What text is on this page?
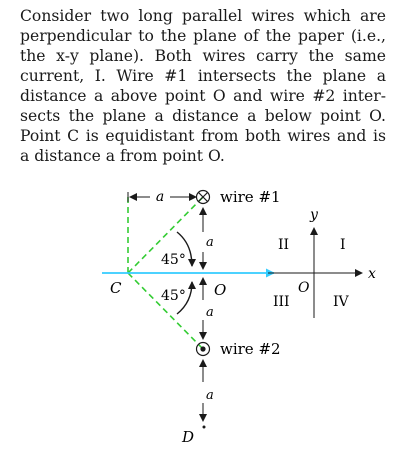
Consider two long parallel wires which are
perpendicular to the plane of the paper (i.e.,
the x-y plane). Both wires carry the same
current, I. Wire #1 intersects the plane a
distance a above point O and wire #2 inter-
sects the plane a distance a below point O.
Point C is equidistant from both wires and is
a distance a from point O.
a	wire #1
a
45°
45°
C	O
a
wire #2
a
D
y
x
O
II	I
III	IV
